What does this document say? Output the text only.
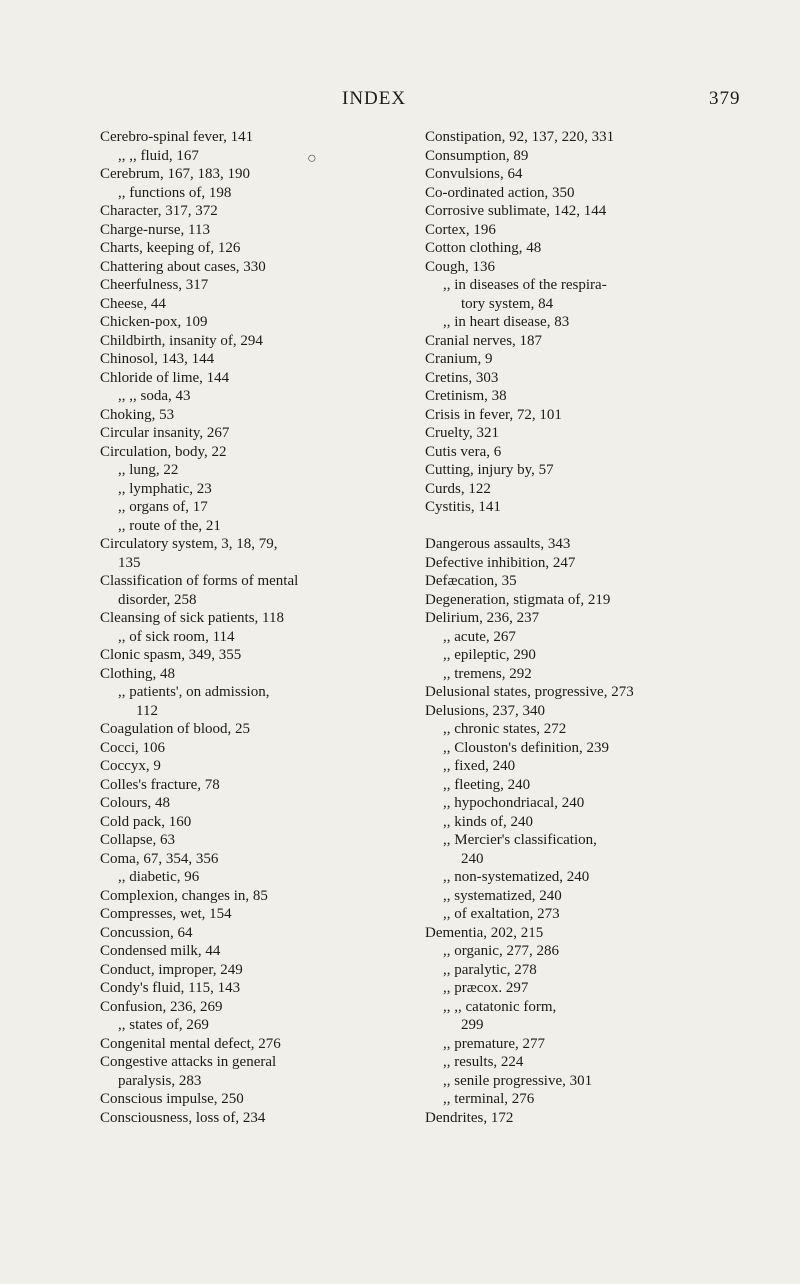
INDEX	379
○
Cerebro-spinal fever, 141
,, ,, fluid, 167
Cerebrum, 167, 183, 190
,, functions of, 198
Character, 317, 372
Charge-nurse, 113
Charts, keeping of, 126
Chattering about cases, 330
Cheerfulness, 317
Cheese, 44
Chicken-pox, 109
Childbirth, insanity of, 294
Chinosol, 143, 144
Chloride of lime, 144
,, ,, soda, 43
Choking, 53
Circular insanity, 267
Circulation, body, 22
,, lung, 22
,, lymphatic, 23
,, organs of, 17
,, route of the, 21
Circulatory system, 3, 18, 79,
135
Classification of forms of mental
disorder, 258
Cleansing of sick patients, 118
,, of sick room, 114
Clonic spasm, 349, 355
Clothing, 48
,, patients', on admission,
112
Coagulation of blood, 25
Cocci, 106
Coccyx, 9
Colles's fracture, 78
Colours, 48
Cold pack, 160
Collapse, 63
Coma, 67, 354, 356
,, diabetic, 96
Complexion, changes in, 85
Compresses, wet, 154
Concussion, 64
Condensed milk, 44
Conduct, improper, 249
Condy's fluid, 115, 143
Confusion, 236, 269
,, states of, 269
Congenital mental defect, 276
Congestive attacks in general
paralysis, 283
Conscious impulse, 250
Consciousness, loss of, 234
Constipation, 92, 137, 220, 331
Consumption, 89
Convulsions, 64
Co-ordinated action, 350
Corrosive sublimate, 142, 144
Cortex, 196
Cotton clothing, 48
Cough, 136
,, in diseases of the respira-
tory system, 84
,, in heart disease, 83
Cranial nerves, 187
Cranium, 9
Cretins, 303
Cretinism, 38
Crisis in fever, 72, 101
Cruelty, 321
Cutis vera, 6
Cutting, injury by, 57
Curds, 122
Cystitis, 141
Dangerous assaults, 343
Defective inhibition, 247
Defæcation, 35
Degeneration, stigmata of, 219
Delirium, 236, 237
,, acute, 267
,, epileptic, 290
,, tremens, 292
Delusional states, progressive, 273
Delusions, 237, 340
,, chronic states, 272
,, Clouston's definition, 239
,, fixed, 240
,, fleeting, 240
,, hypochondriacal, 240
,, kinds of, 240
,, Mercier's classification,
240
,, non-systematized, 240
,, systematized, 240
,, of exaltation, 273
Dementia, 202, 215
,, organic, 277, 286
,, paralytic, 278
,, præcox. 297
,, ,, catatonic form,
299
,, premature, 277
,, results, 224
,, senile progressive, 301
,, terminal, 276
Dendrites, 172
